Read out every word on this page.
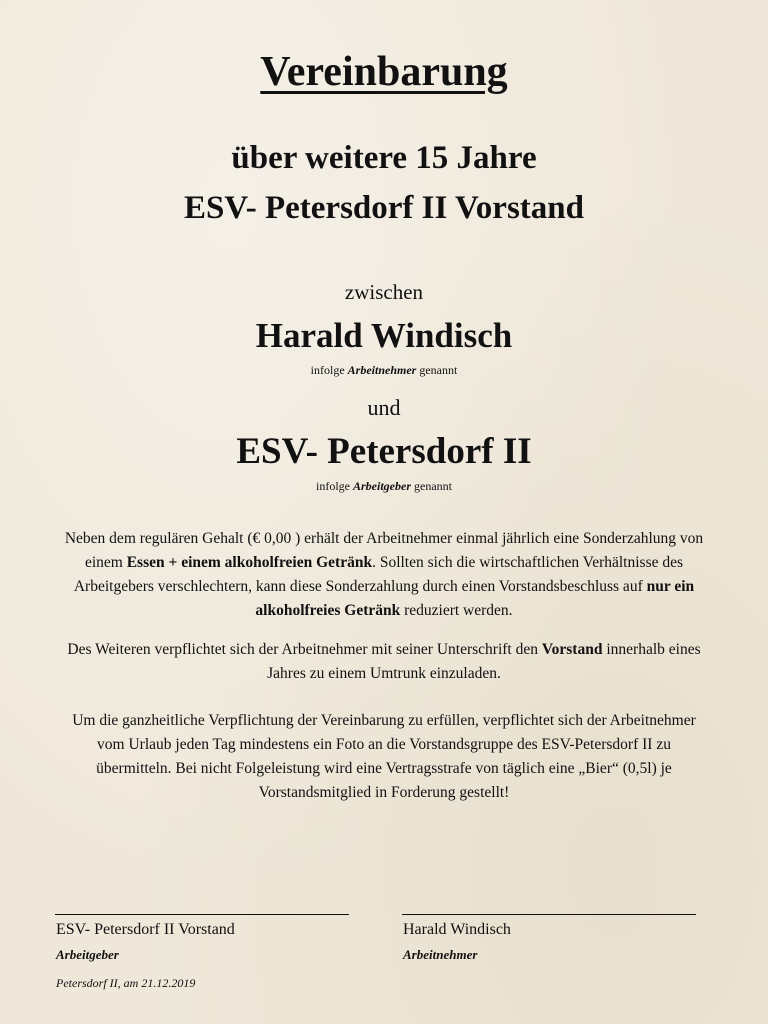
Vereinbarung
über weitere 15 Jahre
ESV- Petersdorf II Vorstand
zwischen
Harald Windisch
infolge Arbeitnehmer genannt
und
ESV- Petersdorf II
infolge Arbeitgeber genannt
Neben dem regulären Gehalt (€ 0,00 ) erhält der Arbeitnehmer einmal jährlich eine Sonderzahlung von einem Essen + einem alkoholfreien Getränk. Sollten sich die wirtschaftlichen Verhältnisse des Arbeitgebers verschlechtern, kann diese Sonderzahlung durch einen Vorstandsbeschluss auf nur ein alkoholfreies Getränk reduziert werden.
Des Weiteren verpflichtet sich der Arbeitnehmer mit seiner Unterschrift den Vorstand innerhalb eines Jahres zu einem Umtrunk einzuladen.
Um die ganzheitliche Verpflichtung der Vereinbarung zu erfüllen, verpflichtet sich der Arbeitnehmer vom Urlaub jeden Tag mindestens ein Foto an die Vorstandsgruppe des ESV-Petersdorf II zu übermitteln. Bei nicht Folgeleistung wird eine Vertragsstrafe von täglich eine „Bier“ (0,5l) je Vorstandsmitglied in Forderung gestellt!
ESV- Petersdorf II Vorstand	Harald Windisch
Arbeitgeber	Arbeitnehmer
Petersdorf II, am 21.12.2019
